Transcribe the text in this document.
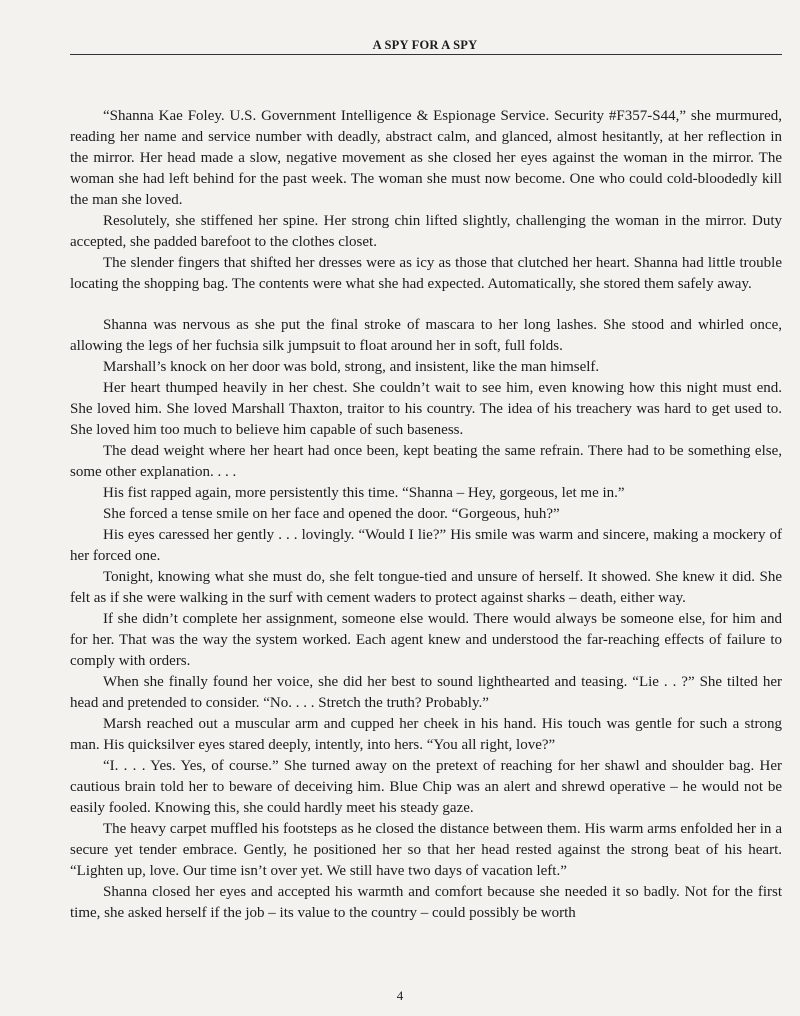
A SPY FOR A SPY

“Shanna Kae Foley. U.S. Government Intelligence & Espionage Service. Security #F357-S44,” she murmured, reading her name and service number with deadly, abstract calm, and glanced, almost hesitantly, at her reflection in the mirror. Her head made a slow, negative movement as she closed her eyes against the woman in the mirror. The woman she had left behind for the past week. The woman she must now become. One who could cold-bloodedly kill the man she loved.

Resolutely, she stiffened her spine. Her strong chin lifted slightly, challenging the woman in the mirror. Duty accepted, she padded barefoot to the clothes closet.

The slender fingers that shifted her dresses were as icy as those that clutched her heart. Shanna had little trouble locating the shopping bag. The contents were what she had expected. Automatically, she stored them safely away.

Shanna was nervous as she put the final stroke of mascara to her long lashes. She stood and whirled once, allowing the legs of her fuchsia silk jumpsuit to float around her in soft, full folds.

Marshall’s knock on her door was bold, strong, and insistent, like the man himself.

Her heart thumped heavily in her chest. She couldn’t wait to see him, even knowing how this night must end. She loved him. She loved Marshall Thaxton, traitor to his country. The idea of his treachery was hard to get used to. She loved him too much to believe him capable of such baseness.

The dead weight where her heart had once been, kept beating the same refrain. There had to be something else, some other explanation. . . .

His fist rapped again, more persistently this time. “Shanna – Hey, gorgeous, let me in.”

She forced a tense smile on her face and opened the door. “Gorgeous, huh?”

His eyes caressed her gently . . . lovingly. “Would I lie?” His smile was warm and sincere, making a mockery of her forced one.

Tonight, knowing what she must do, she felt tongue-tied and unsure of herself. It showed. She knew it did. She felt as if she were walking in the surf with cement waders to protect against sharks – death, either way.

If she didn’t complete her assignment, someone else would. There would always be someone else, for him and for her. That was the way the system worked. Each agent knew and understood the far-reaching effects of failure to comply with orders.

When she finally found her voice, she did her best to sound lighthearted and teasing. “Lie . . ?” She tilted her head and pretended to consider. “No. . . . Stretch the truth? Probably.”

Marsh reached out a muscular arm and cupped her cheek in his hand. His touch was gentle for such a strong man. His quicksilver eyes stared deeply, intently, into hers. “You all right, love?”

“I. . . . Yes. Yes, of course.” She turned away on the pretext of reaching for her shawl and shoulder bag. Her cautious brain told her to beware of deceiving him. Blue Chip was an alert and shrewd operative – he would not be easily fooled. Knowing this, she could hardly meet his steady gaze.

The heavy carpet muffled his footsteps as he closed the distance between them. His warm arms enfolded her in a secure yet tender embrace. Gently, he positioned her so that her head rested against the strong beat of his heart. “Lighten up, love. Our time isn’t over yet. We still have two days of vacation left.”

Shanna closed her eyes and accepted his warmth and comfort because she needed it so badly. Not for the first time, she asked herself if the job – its value to the country – could possibly be worth

4
